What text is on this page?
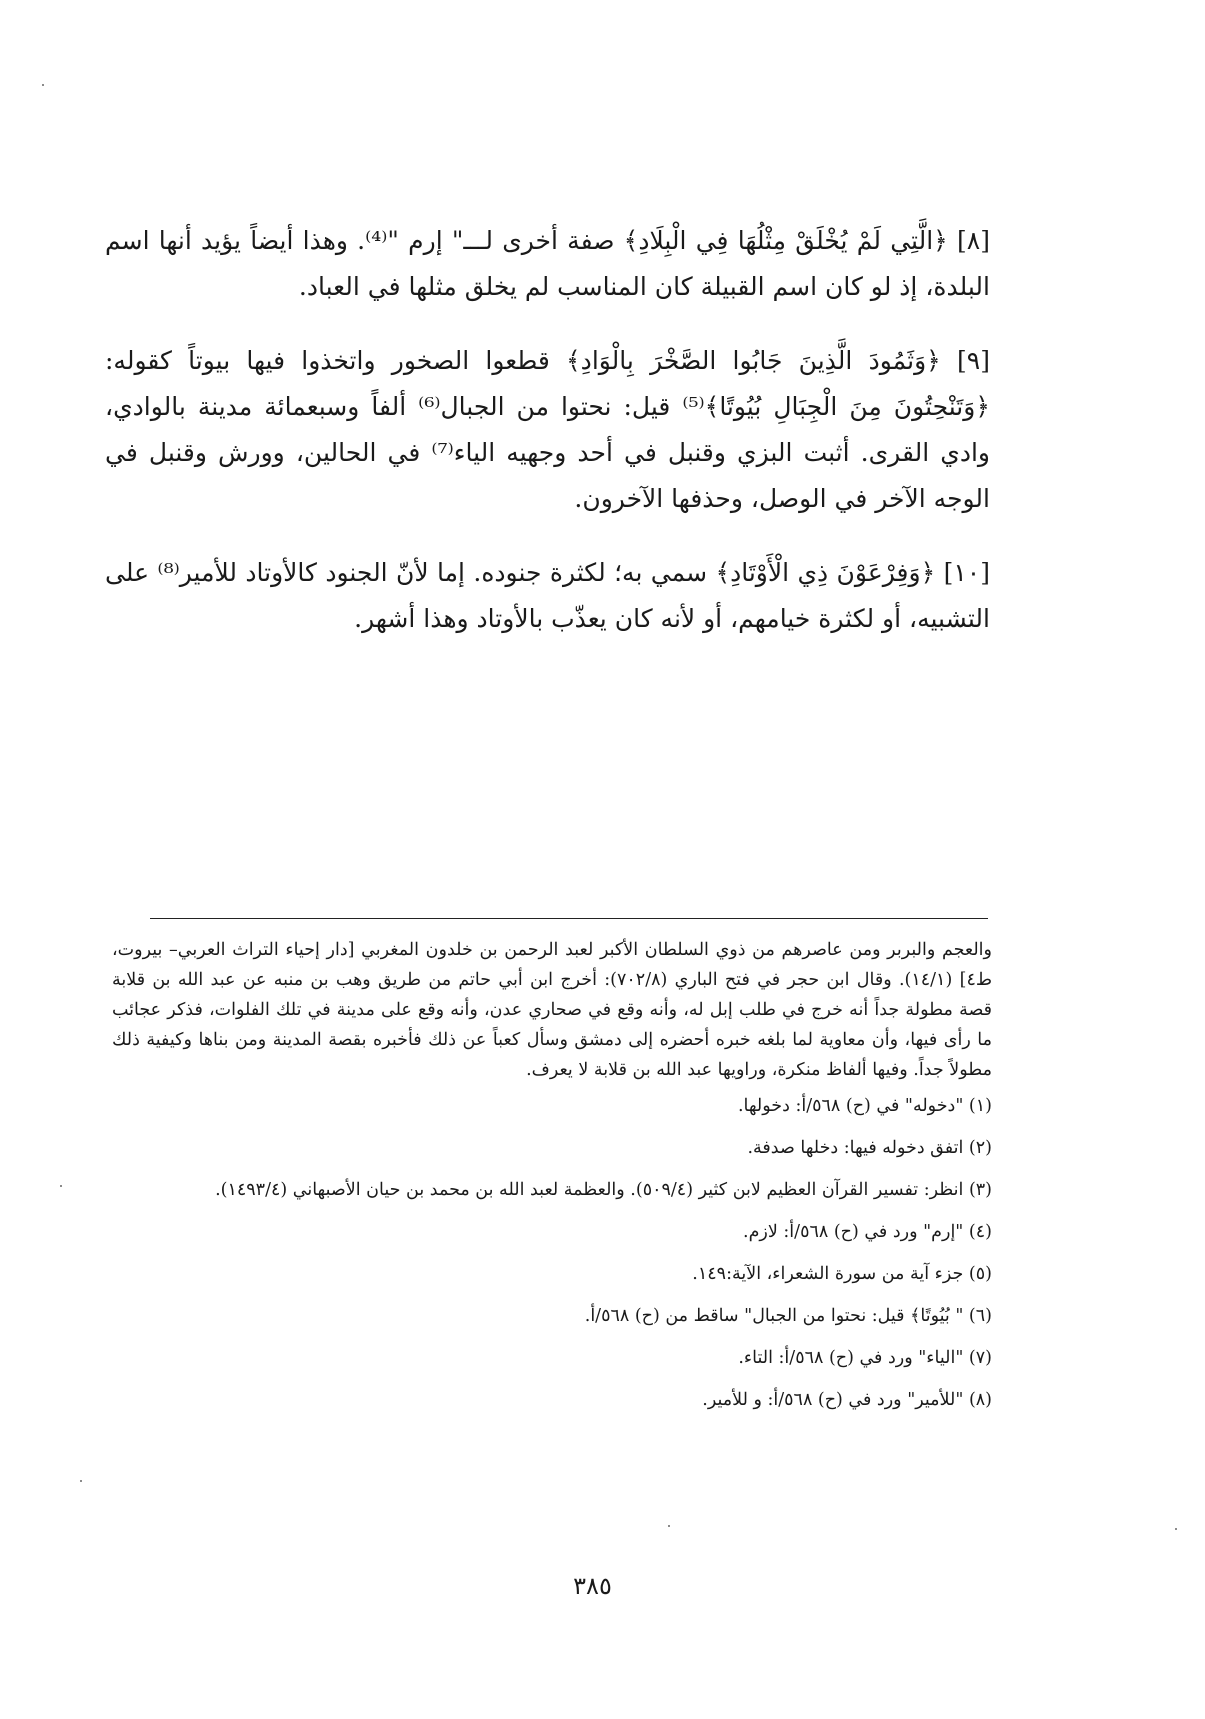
[٨] ﴿الَّتِي لَمْ يُخْلَقْ مِثْلُهَا فِي الْبِلَادِ﴾ صفة أخرى لـــ" إرم "⁽⁴⁾. وهذا أيضاً يؤيد أنها اسم البلدة، إذ لو كان اسم القبيلة كان المناسب لم يخلق مثلها في العباد.

[٩] ﴿وَثَمُودَ الَّذِينَ جَابُوا الصَّخْرَ بِالْوَادِ﴾ قطعوا الصخور واتخذوا فيها بيوتاً كقوله: ﴿وَتَنْحِتُونَ مِنَ الْجِبَالِ بُيُوتًا﴾⁽⁵⁾ قيل: نحتوا من الجبال⁽⁶⁾ ألفاً وسبعمائة مدينة بالوادي، وادي القرى. أثبت البزي وقنبل في أحد وجهيه الياء⁽⁷⁾ في الحالين، وورش وقنبل في الوجه الآخر في الوصل، وحذفها الآخرون.

[١٠] ﴿وَفِرْعَوْنَ ذِي الْأَوْتَادِ﴾ سمي به؛ لكثرة جنوده. إما لأنّ الجنود كالأوتاد للأمير⁽⁸⁾ على التشبيه، أو لكثرة خيامهم، أو لأنه كان يعذّب بالأوتاد وهذا أشهر.

والعجم والبربر ومن عاصرهم من ذوي السلطان الأكبر لعبد الرحمن بن خلدون المغربي [دار إحياء التراث العربي– بيروت، ط٤] (١٤/١). وقال ابن حجر في فتح الباري (٧٠٢/٨): أخرج ابن أبي حاتم من طريق وهب بن منبه عن عبد الله بن قلابة قصة مطولة جداً أنه خرج في طلب إبل له، وأنه وقع في صحاري عدن، وأنه وقع على مدينة في تلك الفلوات، فذكر عجائب ما رأى فيها، وأن معاوية لما بلغه خبره أحضره إلى دمشق وسأل كعباً عن ذلك فأخبره بقصة المدينة ومن بناها وكيفية ذلك مطولاً جداً. وفيها ألفاظ منكرة، وراويها عبد الله بن قلابة لا يعرف.

(١) "دخوله" في (ح) ٥٦٨/أ: دخولها.

(٢) اتفق دخوله فيها: دخلها صدفة.

(٣) انظر: تفسير القرآن العظيم لابن كثير (٥٠٩/٤). والعظمة لعبد الله بن محمد بن حيان الأصبهاني (١٤٩٣/٤).

(٤) "إرم" ورد في (ح) ٥٦٨/أ: لازم.

(٥) جزء آية من سورة الشعراء، الآية:١٤٩.

(٦) " بُيُوتًا﴾ قيل: نحتوا من الجبال" ساقط من (ح) ٥٦٨/أ.

(٧) "الياء" ورد في (ح) ٥٦٨/أ: التاء.

(٨) "للأمير" ورد في (ح) ٥٦٨/أ: و للأمير.

٣٨٥
